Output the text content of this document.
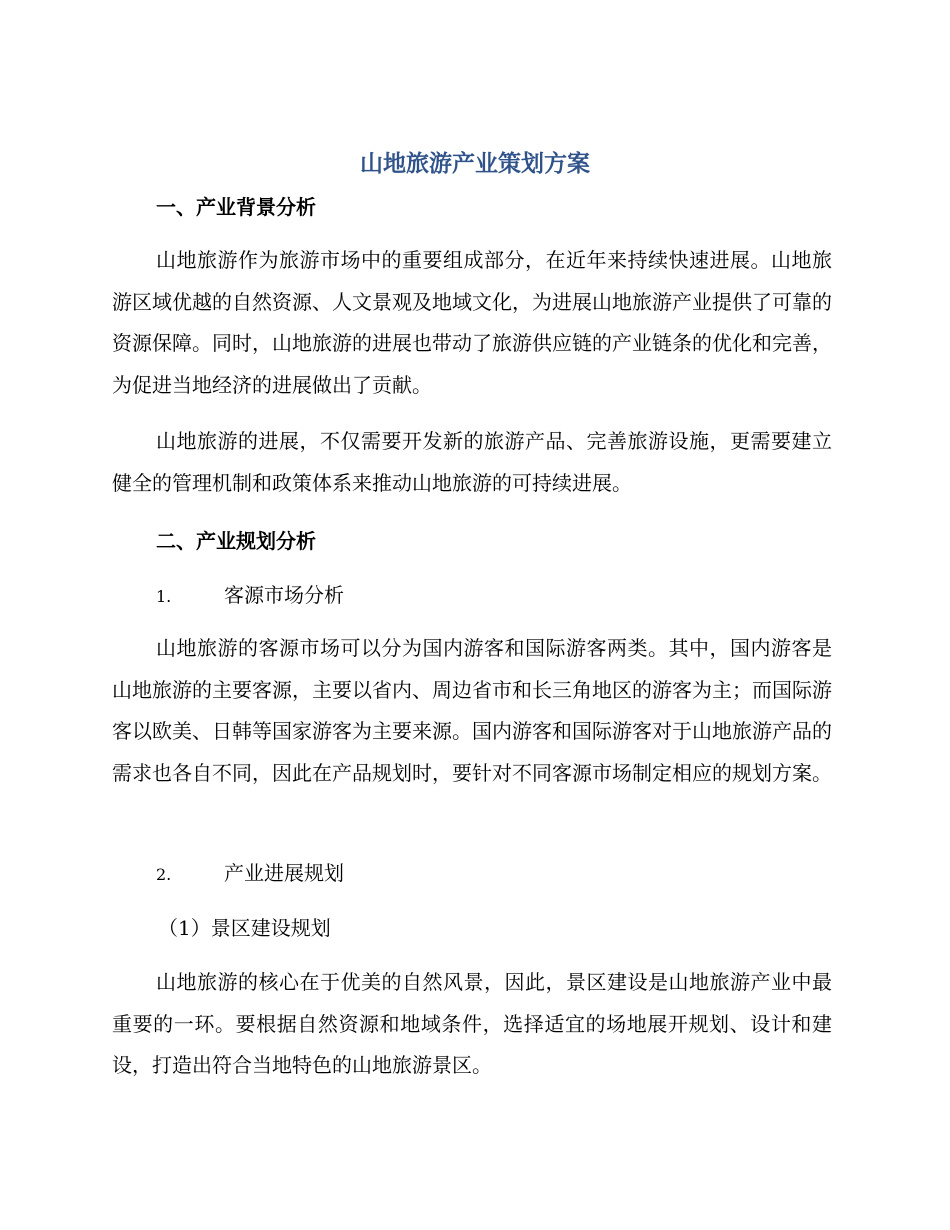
山地旅游产业策划方案
一、产业背景分析

山地旅游作为旅游市场中的重要组成部分，在近年来持续快速进展。山地旅游区域优越的自然资源、人文景观及地域文化，为进展山地旅游产业提供了可靠的资源保障。同时，山地旅游的进展也带动了旅游供应链的产业链条的优化和完善，为促进当地经济的进展做出了贡献。

山地旅游的进展，不仅需要开发新的旅游产品、完善旅游设施，更需要建立健全的管理机制和政策体系来推动山地旅游的可持续进展。

二、产业规划分析

1.	客源市场分析

山地旅游的客源市场可以分为国内游客和国际游客两类。其中，国内游客是山地旅游的主要客源，主要以省内、周边省市和长三角地区的游客为主；而国际游客以欧美、日韩等国家游客为主要来源。国内游客和国际游客对于山地旅游产品的需求也各自不同，因此在产品规划时，要针对不同客源市场制定相应的规划方案。

2.	产业进展规划

（1）景区建设规划

山地旅游的核心在于优美的自然风景，因此，景区建设是山地旅游产业中最重要的一环。要根据自然资源和地域条件，选择适宜的场地展开规划、设计和建设，打造出符合当地特色的山地旅游景区。
